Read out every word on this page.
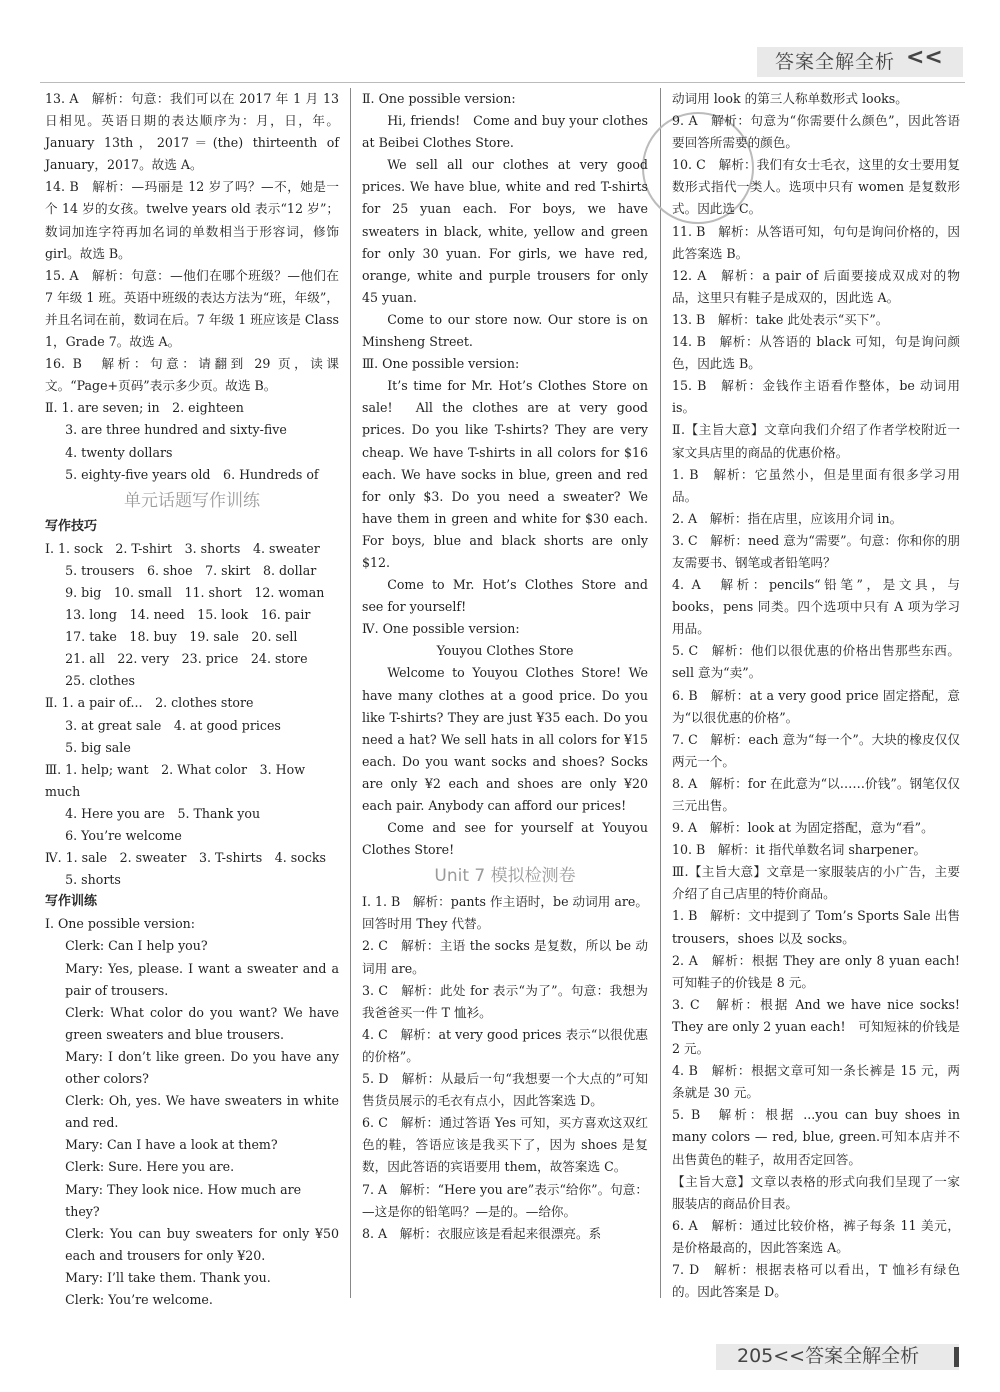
答案全解全析 <<

13. A　解析：句意：我们可以在 2017 年 1 月 13 日相见。英语日期的表达顺序为：月，日，年。January 13th，2017＝(the) thirteenth of January，2017。故选 A。

14. B　解析：—玛丽是 12 岁了吗？—不，她是一个 14 岁的女孩。twelve years old 表示“12 岁”；数词加连字符再加名词的单数相当于形容词，修饰 girl。故选 B。

15. A　解析：句意：—他们在哪个班级？—他们在 7 年级 1 班。英语中班级的表达方法为“班，年级”，并且名词在前，数词在后。7 年级 1 班应该是 Class 1，Grade 7。故选 A。

16. B　解析：句意：请翻到 29 页，读课文。“Page+页码”表示多少页。故选 B。

Ⅱ. 1. are seven; in　2. eighteen

3. are three hundred and sixty-five

4. twenty dollars

5. eighty-five years old　6. Hundreds of

单元话题写作训练

写作技巧

Ⅰ. 1. sock　2. T-shirt　3. shorts　4. sweater

5. trousers　6. shoe　7. skirt　8. dollar

9. big　10. small　11. short　12. woman

13. long　14. need　15. look　16. pair

17. take　18. buy　19. sale　20. sell

21. all　22. very　23. price　24. store

25. clothes

Ⅱ. 1. a pair of...　2. clothes store

3. at great sale　4. at good prices

5. big sale

Ⅲ. 1. help; want　2. What color　3. How much

4. Here you are　5. Thank you

6. You’re welcome

Ⅳ. 1. sale　2. sweater　3. T-shirts　4. socks

5. shorts

写作训练

Ⅰ. One possible version:

Clerk: Can I help you?

Mary: Yes, please. I want a sweater and a pair of trousers.

Clerk: What color do you want? We have green sweaters and blue trousers.

Mary: I don’t like green. Do you have any other colors?

Clerk: Oh, yes. We have sweaters in white and red.

Mary: Can I have a look at them?

Clerk: Sure. Here you are.

Mary: They look nice. How much are they?

Clerk: You can buy sweaters for only ¥50 each and trousers for only ¥20.

Mary: I’ll take them. Thank you.

Clerk: You’re welcome.

Ⅱ. One possible version:

Hi, friends!　Come and buy your clothes at Beibei Clothes Store.

We sell all our clothes at very good prices. We have blue, white and red T-shirts for 25 yuan each. For boys, we have sweaters in black, white, yellow and green for only 30 yuan. For girls, we have red, orange, white and purple trousers for only 45 yuan.

Come to our store now. Our store is on Minsheng Street.

Ⅲ. One possible version:

It’s time for Mr. Hot’s Clothes Store on sale!　All the clothes are at very good prices. Do you like T-shirts? They are very cheap. We have T-shirts in all colors for $16 each. We have socks in blue, green and red for only $3. Do you need a sweater? We have them in green and white for $30 each. For boys, blue and black shorts are only $12.

Come to Mr. Hot’s Clothes Store and see for yourself!

Ⅳ. One possible version:

Youyou Clothes Store

Welcome to Youyou Clothes Store! We have many clothes at a good price. Do you like T-shirts? They are just ¥35 each. Do you need a hat? We sell hats in all colors for ¥15 each. Do you want socks and shoes? Socks are only ¥2 each and shoes are only ¥20 each pair. Anybody can afford our prices!

Come and see for yourself at Youyou Clothes Store!

Unit 7 模拟检测卷

Ⅰ. 1. B　解析：pants 作主语时，be 动词用 are。回答时用 They 代替。

2. C　解析：主语 the socks 是复数，所以 be 动词用 are。

3. C　解析：此处 for 表示“为了”。句意：我想为我爸爸买一件 T 恤衫。

4. C　解析：at very good prices 表示“以很优惠的价格”。

5. D　解析：从最后一句“我想要一个大点的”可知售货员展示的毛衣有点小，因此答案选 D。

6. C　解析：通过答语 Yes 可知，买方喜欢这双红色的鞋，答语应该是我买下了，因为 shoes 是复数，因此答语的宾语要用 them，故答案选 C。

7. A　解析：“Here you are”表示“给你”。句意：—这是你的铅笔吗？—是的。—给你。

8. A　解析：衣服应该是看起来很漂亮。系

动词用 look 的第三人称单数形式 looks。

9. A　解析：句意为“你需要什么颜色”，因此答语要回答所需要的颜色。

10. C　解析：我们有女士毛衣，这里的女士要用复数形式指代一类人。选项中只有 women 是复数形式。因此选 C。

11. B　解析：从答语可知，句句是询问价格的，因此答案选 B。

12. A　解析：a pair of 后面要接成双成对的物品，这里只有鞋子是成双的，因此选 A。

13. B　解析：take 此处表示“买下”。

14. B　解析：从答语的 black 可知，句是询问颜色，因此选 B。

15. B　解析：金钱作主语看作整体，be 动词用 is。

Ⅱ.【主旨大意】文章向我们介绍了作者学校附近一家文具店里的商品的优惠价格。

1. B　解析：它虽然小，但是里面有很多学习用品。

2. A　解析：指在店里，应该用介词 in。

3. C　解析：need 意为“需要”。句意：你和你的朋友需要书、钢笔或者铅笔吗？

4. A　解析：pencils“铅笔”，是文具，与 books，pens 同类。四个选项中只有 A 项为学习用品。

5. C　解析：他们以很优惠的价格出售那些东西。sell 意为“卖”。

6. B　解析：at a very good price 固定搭配，意为“以很优惠的价格”。

7. C　解析：each 意为“每一个”。大块的橡皮仅仅两元一个。

8. A　解析：for 在此意为“以……价钱”。钢笔仅仅三元出售。

9. A　解析：look at 为固定搭配，意为“看”。

10. B　解析：it 指代单数名词 sharpener。

Ⅲ.【主旨大意】文章是一家服装店的小广告，主要介绍了自己店里的特价商品。

1. B　解析：文中提到了 Tom’s Sports Sale 出售 trousers，shoes 以及 socks。

2. A　解析：根据 They are only 8 yuan each! 可知鞋子的价钱是 8 元。

3. C　解析：根据 And we have nice socks! They are only 2 yuan each!　可知短袜的价钱是 2 元。

4. B　解析：根据文章可知一条长裤是 15 元，两条就是 30 元。

5. B　解析：根据 ...you can buy shoes in many colors — red, blue, green.可知本店并不出售黄色的鞋子，故用否定回答。

【主旨大意】文章以表格的形式向我们呈现了一家服装店的商品价目表。

6. A　解析：通过比较价格，裤子每条 11 美元，是价格最高的，因此答案选 A。

7. D　解析：根据表格可以看出，T 恤衫有绿色的。因此答案是 D。

205<<答案全解全析
